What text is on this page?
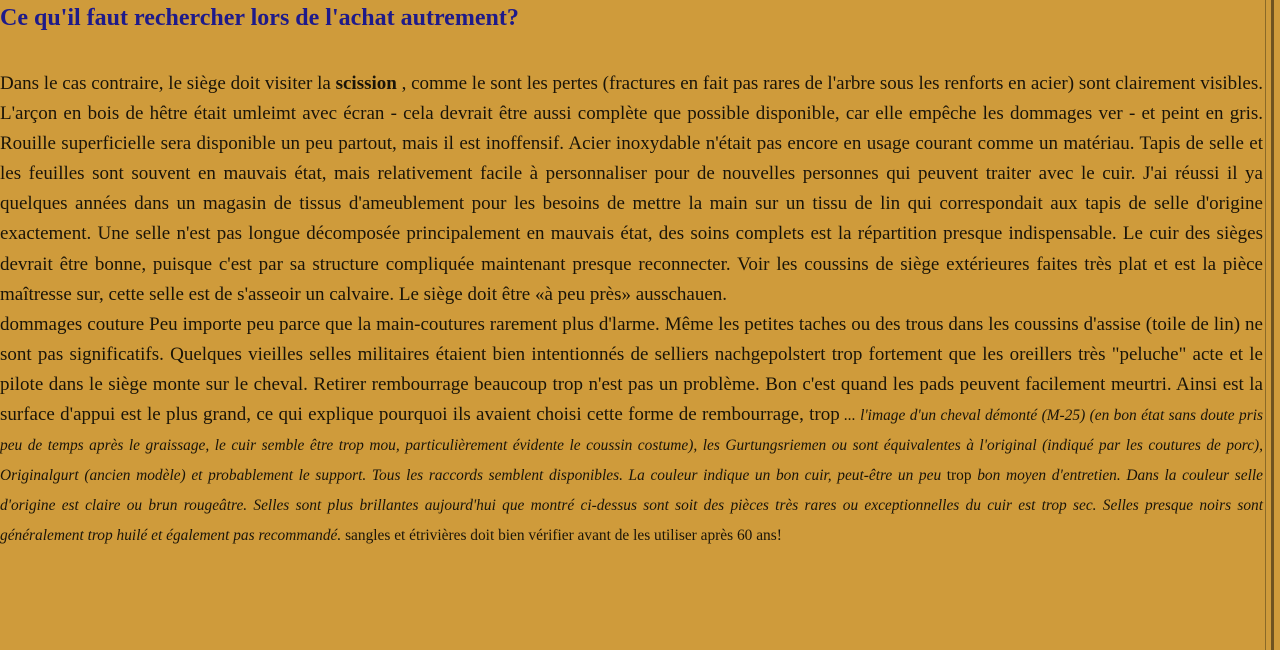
Ce qu'il faut rechercher lors de l'achat autrement?
Dans le cas contraire, le siège doit visiter la scission , comme le sont les pertes (fractures en fait pas rares de l'arbre sous les renforts en acier) sont clairement visibles. L'arçon en bois de hêtre était umleimt avec écran - cela devrait être aussi complète que possible disponible, car elle empêche les dommages ver - et peint en gris. Rouille superficielle sera disponible un peu partout, mais il est inoffensif. Acier inoxydable n'était pas encore en usage courant comme un matériau. Tapis de selle et les feuilles sont souvent en mauvais état, mais relativement facile à personnaliser pour de nouvelles personnes qui peuvent traiter avec le cuir. J'ai réussi il ya quelques années dans un magasin de tissus d'ameublement pour les besoins de mettre la main sur un tissu de lin qui correspondait aux tapis de selle d'origine exactement. Une selle n'est pas longue décomposée principalement en mauvais état, des soins complets est la répartition presque indispensable. Le cuir des sièges devrait être bonne, puisque c'est par sa structure compliquée maintenant presque reconnecter. Voir les coussins de siège extérieures faites très plat et est la pièce maîtresse sur, cette selle est de s'asseoir un calvaire. Le siège doit être «à peu près» ausschauen.
dommages couture Peu importe peu parce que la main-coutures rarement plus d'larme. Même les petites taches ou des trous dans les coussins d'assise (toile de lin) ne sont pas significatifs. Quelques vieilles selles militaires étaient bien intentionnés de selliers nachgepolstert trop fortement que les oreillers très "peluche" acte et le pilote dans le siège monte sur le cheval. Retirer rembourrage beaucoup trop n'est pas un problème. Bon c'est quand les pads peuvent facilement meurtri. Ainsi est la surface d'appui est le plus grand, ce qui explique pourquoi ils avaient choisi cette forme de rembourrage, trop ... l'image d'un cheval démonté (M-25) (en bon état sans doute pris peu de temps après le graissage, le cuir semble être trop mou, particulièrement évidente le coussin costume), les Gurtungsriemen ou sont équivalentes à l'original (indiqué par les coutures de porc), Originalgurt (ancien modèle) et probablement le support. Tous les raccords semblent disponibles. La couleur indique un bon cuir, peut-être un peu trop bon moyen d'entretien. Dans la couleur selle d'origine est claire ou brun rougeâtre. Selles sont plus brillantes aujourd'hui que montré ci-dessus sont soit des pièces très rares ou exceptionnelles du cuir est trop sec. Selles presque noirs sont généralement trop huilé et également pas recommandé. sangles et étrivières doit bien vérifier avant de les utiliser après 60 ans!
